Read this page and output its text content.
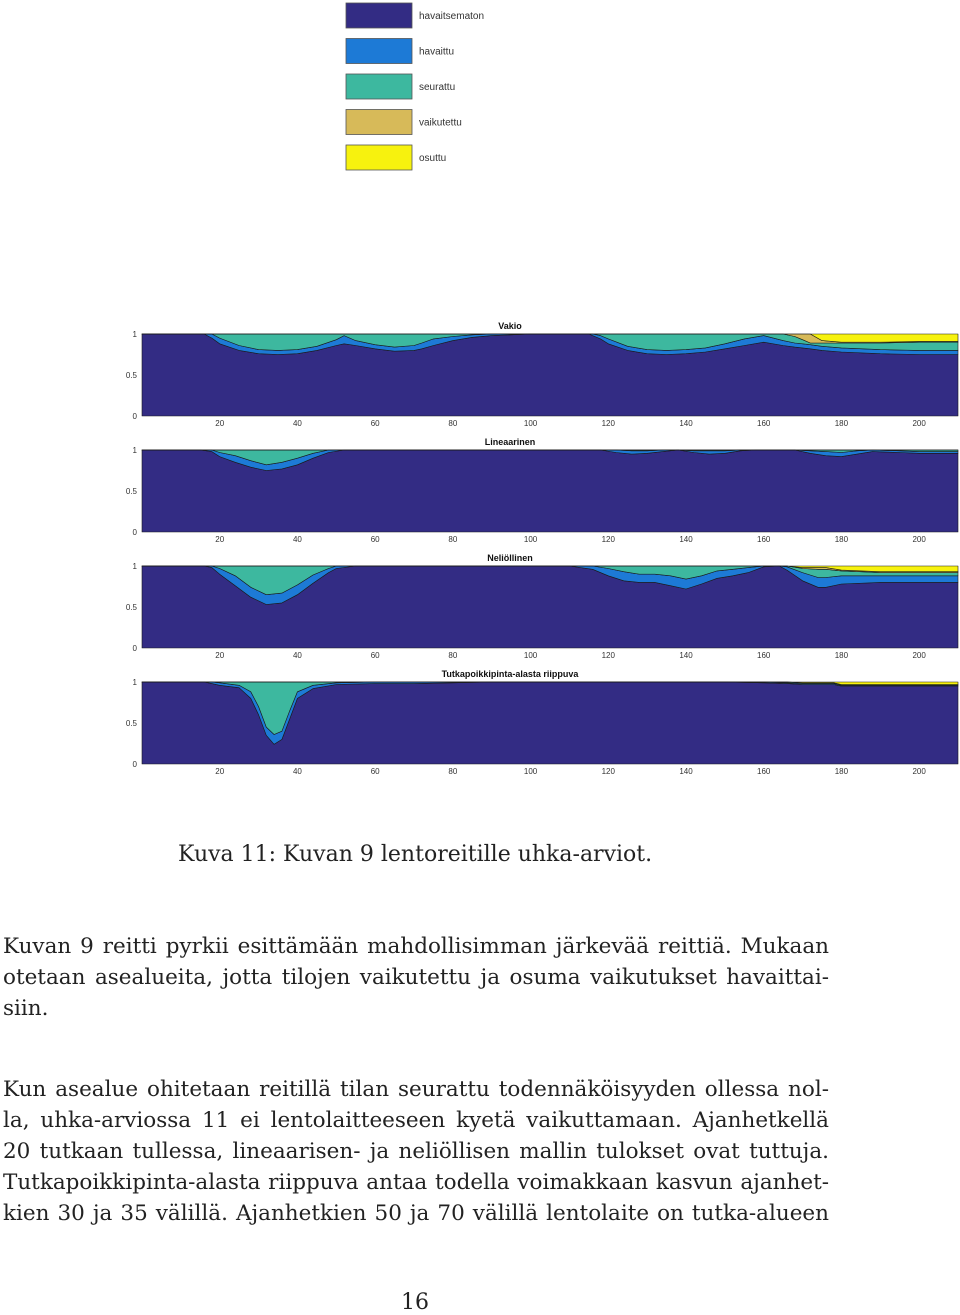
havaitsematon
havaittu
seurattu
vaikutettu
osuttu
Vakio
0
0.5
1
20	40	60	80	100	120	140	160	180	200
Lineaarinen
0
0.5
1
20	40	60	80	100	120	140	160	180	200
Neliöllinen
0
0.5
1
20	40	60	80	100	120	140	160	180	200
Tutkapoikkipinta-alasta riippuva
0
0.5
1
20	40	60	80	100	120	140	160	180	200
Kuva 11: Kuvan 9 lentoreitille uhka-arviot.
Kuvan 9 reitti pyrkii esittämään mahdollisimman järkevää reittiä. Mukaan
otetaan asealueita, jotta tilojen vaikutettu ja osuma vaikutukset havaittai-
siin.
Kun asealue ohitetaan reitillä tilan seurattu todennäköisyyden ollessa nol-
la, uhka-arviossa 11 ei lentolaitteeseen kyetä vaikuttamaan. Ajanhetkellä
20 tutkaan tullessa, lineaarisen- ja neliöllisen mallin tulokset ovat tuttuja.
Tutkapoikkipinta-alasta riippuva antaa todella voimakkaan kasvun ajanhet-
kien 30 ja 35 välillä. Ajanhetkien 50 ja 70 välillä lentolaite on tutka-alueen
16
